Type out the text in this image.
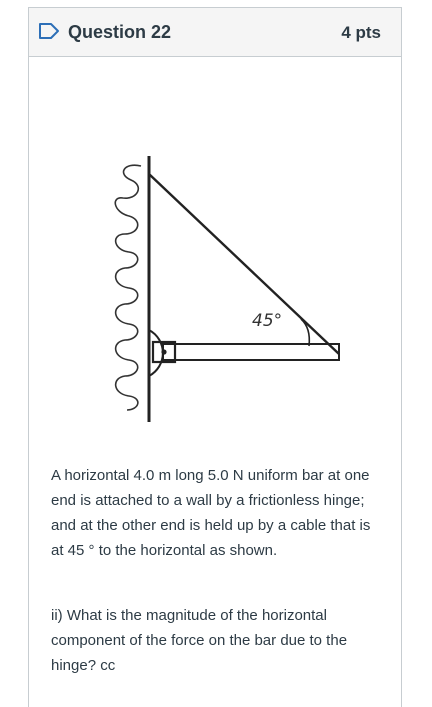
Question 22	4 pts
45°

A horizontal 4.0 m long 5.0 N uniform bar at one end is attached to a wall by a frictionless hinge; and at the other end is held up by a cable that is at 45 ° to the horizontal as shown.

ii) What is the magnitude of the horizontal component of the force on the bar due to the hinge? cc
